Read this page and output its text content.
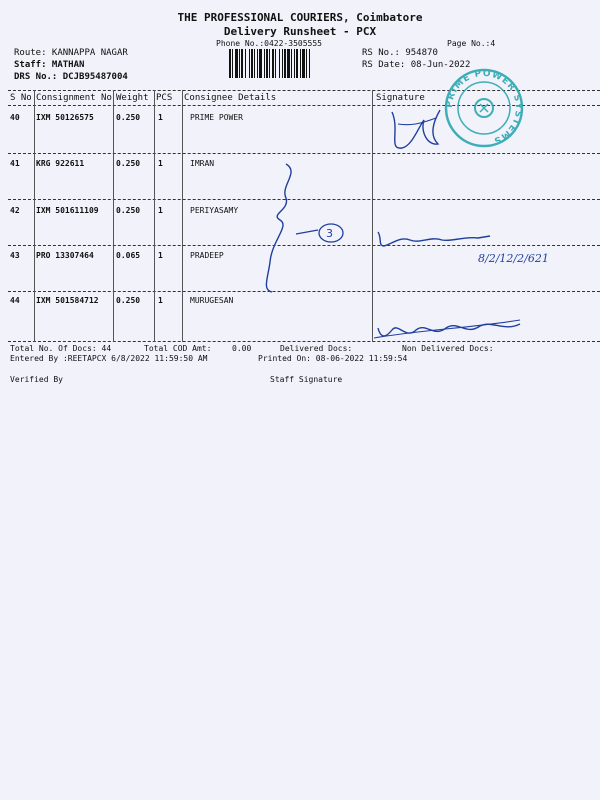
THE PROFESSIONAL COURIERS, Coimbatore
Delivery Runsheet - PCX
Phone No.:0422-3505555	Page No.:4
Route: KANNAPPA NAGAR
Staff: MATHAN
DRS No.: DCJB95487004
RS No.: 954870
RS Date: 08-Jun-2022
S No Consignment No Weight PCS Consignee Details	Signature
40 IXM 50126575	0.250 1	PRIME POWER
41 KRG 922611	0.250 1	IMRAN
42 IXM 501611109 0.250 1	PERIYASAMY
43 PRO 13307464	0.065 1	PRADEEP
44 IXM 501584712 0.250 1	MURUGESAN
Total No. Of Docs: 44	Total COD Amt:	0.00	Delivered Docs:	Non Delivered Docs:
Entered By :REETAPCX 6/8/2022 11:59:50 AM	Printed On: 08-06-2022 11:59:54
Verified By	Staff Signature
3
8/2/12/2/621
PRIME POWER SYSTEMS
